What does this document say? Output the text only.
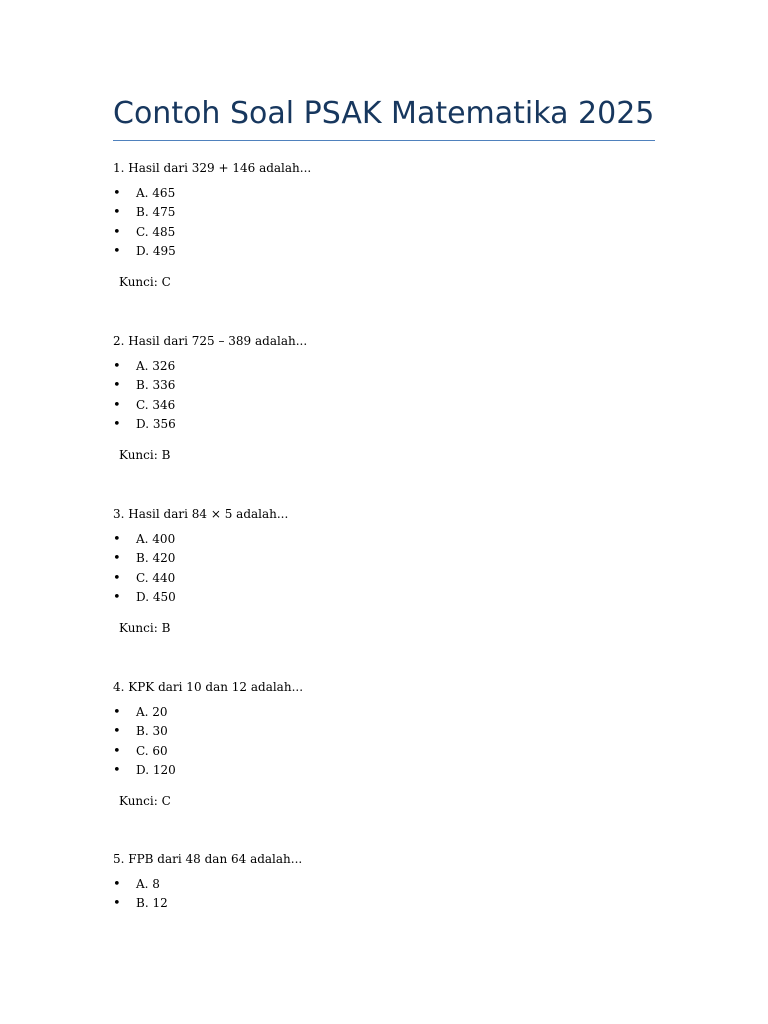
Contoh Soal PSAK Matematika 2025

1. Hasil dari 329 + 146 adalah...

• A. 465
• B. 475
• C. 485
• D. 495

Kunci: C

2. Hasil dari 725 – 389 adalah...

• A. 326
• B. 336
• C. 346
• D. 356

Kunci: B

3. Hasil dari 84 × 5 adalah...

• A. 400
• B. 420
• C. 440
• D. 450

Kunci: B

4. KPK dari 10 dan 12 adalah...

• A. 20
• B. 30
• C. 60
• D. 120

Kunci: C

5. FPB dari 48 dan 64 adalah...

• A. 8
• B. 12
